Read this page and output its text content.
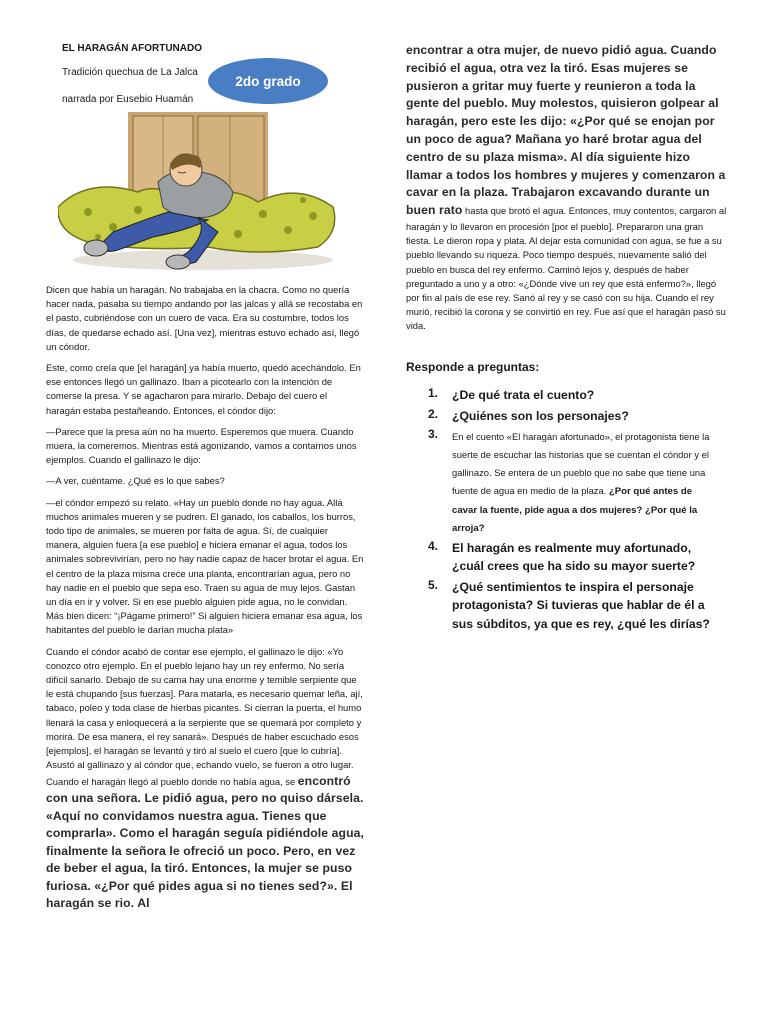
EL HARAGÁN AFORTUNADO
Tradición quechua de La Jalca
narrada por Eusebio Huamán
2do grado

Dicen que había un haragán. No trabajaba en la chacra. Como no quería hacer nada, pasaba su tiempo andando por las jalcas y allá se recostaba en el pasto, cubriéndose con un cuero de vaca. Era su costumbre, todos los días, de quedarse echado así. [Una vez], mientras estuvo echado así, llegó un cóndor.

Este, como creía que [el haragán] ya había muerto, quedó acechándolo. En ese entonces llegó un gallinazo. Iban a picotearlo con la intención de comerse la presa. Y se agacharon para mirarlo. Debajo del cuero el haragán estaba pestañeando. Entonces, el cóndor dijo:

—Parece que la presa aún no ha muerto. Esperemos que muera. Cuando muera, la comeremos. Mientras está agonizando, vamos a contarnos unos ejemplos. Cuando el gallinazo le dijo:

—A ver, cuéntame. ¿Qué es lo que sabes?

—el cóndor empezó su relato. «Hay un pueblo donde no hay agua. Allá muchos animales mueren y se pudren. El ganado, los caballos, los burros, todo tipo de animales, se mueren por falta de agua. Sí, de cualquier manera, alguien fuera [a ese pueblo] e hiciera emanar el agua, todos los animales sobrevivirían, pero no hay nadie capaz de hacer brotar el agua. En el centro de la plaza misma crece una planta, encontrarían agua, pero no hay nadie en el pueblo que sepa eso. Traen su agua de muy lejos. Gastan un día en ir y volver. Si en ese pueblo alguien pide agua, no le convidan. Más bien dicen: “¡Págame primero!” Si alguien hiciera emanar esa agua, los habitantes del pueblo le darían mucha plata»

Cuando el cóndor acabó de contar ese ejemplo, el gallinazo le dijo: «Yo conozco otro ejemplo. En el pueblo lejano hay un rey enfermo. No sería difícil sanarlo. Debajo de su cama hay una enorme y temible serpiente que le está chupando [sus fuerzas]. Para matarla, es necesario quemar leña, ají, tabaco, poleo y toda clase de hierbas picantes. Si cierran la puerta, el humo llenará la casa y enloquecerá a la serpiente que se quemará por completo y morirá. De esa manera, el rey sanará». Después de haber escuchado esos [ejemplos], el haragán se levantó y tiró al suelo el cuero [que lo cubría]. Asustó al gallinazo y al cóndor que, echando vuelo, se fueron a otro lugar. Cuando el haragán llegó al pueblo donde no había agua, se encontró con una señora. Le pidió agua, pero no quiso dársela. «Aquí no convidamos nuestra agua. Tienes que comprarla». Como el haragán seguía pidiéndole agua, finalmente la señora le ofreció un poco. Pero, en vez de beber el agua, la tiró. Entonces, la mujer se puso furiosa. «¿Por qué pides agua si no tienes sed?». El haragán se rio. Al

encontrar a otra mujer, de nuevo pidió agua. Cuando recibió el agua, otra vez la tiró. Esas mujeres se pusieron a gritar muy fuerte y reunieron a toda la gente del pueblo. Muy molestos, quisieron golpear al haragán, pero este les dijo: «¿Por qué se enojan por un poco de agua? Mañana yo haré brotar agua del centro de su plaza misma». Al día siguiente hizo llamar a todos los hombres y mujeres y comenzaron a cavar en la plaza. Trabajaron excavando durante un buen rato hasta que brotó el agua. Entonces, muy contentos, cargaron al haragán y lo llevaron en procesión [por el pueblo]. Prepararon una gran fiesta. Le dieron ropa y plata. Al dejar esta comunidad con agua, se fue a su pueblo llevando su riqueza. Poco tiempo después, nuevamente salió del pueblo en busca del rey enfermo. Caminó lejos y, después de haber preguntado a uno y a otro: «¿Dónde vive un rey que está enfermo?», llegó por fin al país de ese rey. Sanó al rey y se casó con su hija. Cuando el rey murió, recibió la corona y se convirtió en rey. Fue así que el haragán pasó su vida.
Responde a preguntas:
1. ¿De qué trata el cuento?
2. ¿Quiénes son los personajes?
3. En el cuento «El haragán afortunado», el protagonista tiene la suerte de escuchar las historias que se cuentan el cóndor y el gallinazo. Se entera de un pueblo que no sabe que tiene una fuente de agua en medio de la plaza. ¿Por qué antes de cavar la fuente, pide agua a dos mujeres? ¿Por qué la arroja?
4. El haragán es realmente muy afortunado, ¿cuál crees que ha sido su mayor suerte?
5. ¿Qué sentimientos te inspira el personaje protagonista? Si tuvieras que hablar de él a sus súbditos, ya que es rey, ¿qué les dirías?
